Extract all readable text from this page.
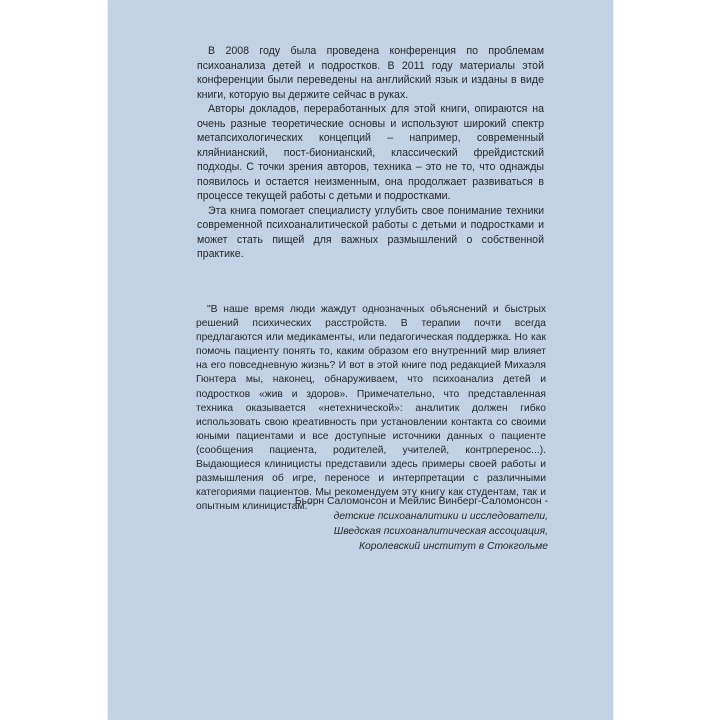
В 2008 году была проведена конференция по проблемам психоанализа детей и подростков. В 2011 году материалы этой конференции были переведены на английский язык и изданы в виде книги, которую вы держите сейчас в руках.

Авторы докладов, переработанных для этой книги, опираются на очень разные теоретические основы и используют широкий спектр метапсихологических концепций – например, современный кляйнианский, пост-бионианский, классический фрейдистский подходы. С точки зрения авторов, техника – это не то, что однажды появилось и остается неизменным, она продолжает развиваться в процессе текущей работы с детьми и подростками.

Эта книга помогает специалисту углубить свое понимание техники современной психоаналитической работы с детьми и подростками и может стать пищей для важных размышлений о собственной практике.

"В наше время люди жаждут однозначных объяснений и быстрых решений психических расстройств. В терапии почти всегда предлагаются или медикаменты, или педагогическая поддержка. Но как помочь пациенту понять то, каким образом его внутренний мир влияет на его повседневную жизнь? И вот в этой книге под редакцией Михаэля Гюнтера мы, наконец, обнаруживаем, что психоанализ детей и подростков «жив и здоров». Примечательно, что представленная техника оказывается «нетехнической»: аналитик должен гибко использовать свою креативность при установлении контакта со своими юными пациентами и все доступные источники данных о пациенте (сообщения пациента, родителей, учителей, контрперенос...). Выдающиеся клиницисты представили здесь примеры своей работы и размышления об игре, переносе и интерпретации с различными категориями пациентов. Мы рекомендуем эту книгу как студентам, так и опытным клиницистам."

Бьорн Саломонсон и Мейлис Винберг-Саломонсон -
детские психоаналитики и исследователи,
Шведская психоаналитическая ассоциация,
Королевский институт в Стокгольме
